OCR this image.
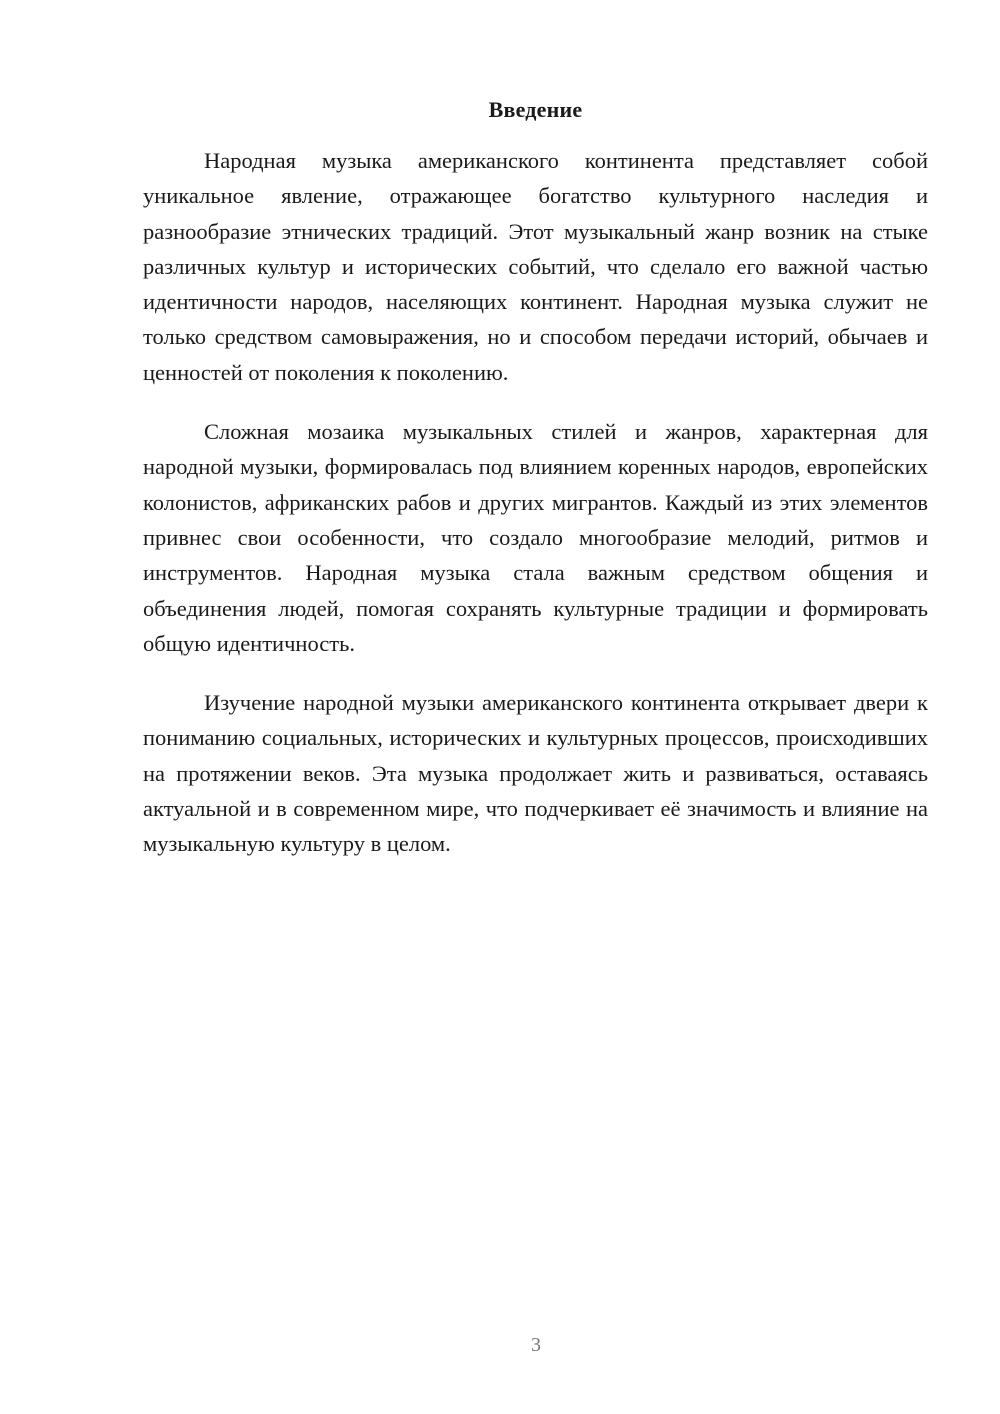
Введение

Народная музыка американского континента представляет собой уникальное явление, отражающее богатство культурного наследия и разнообразие этнических традиций. Этот музыкальный жанр возник на стыке различных культур и исторических событий, что сделало его важной частью идентичности народов, населяющих континент. Народная музыка служит не только средством самовыражения, но и способом передачи историй, обычаев и ценностей от поколения к поколению.

Сложная мозаика музыкальных стилей и жанров, характерная для народной музыки, формировалась под влиянием коренных народов, европейских колонистов, африканских рабов и других мигрантов. Каждый из этих элементов привнес свои особенности, что создало многообразие мелодий, ритмов и инструментов. Народная музыка стала важным средством общения и объединения людей, помогая сохранять культурные традиции и формировать общую идентичность.

Изучение народной музыки американского континента открывает двери к пониманию социальных, исторических и культурных процессов, происходивших на протяжении веков. Эта музыка продолжает жить и развиваться, оставаясь актуальной и в современном мире, что подчеркивает её значимость и влияние на музыкальную культуру в целом.

3
